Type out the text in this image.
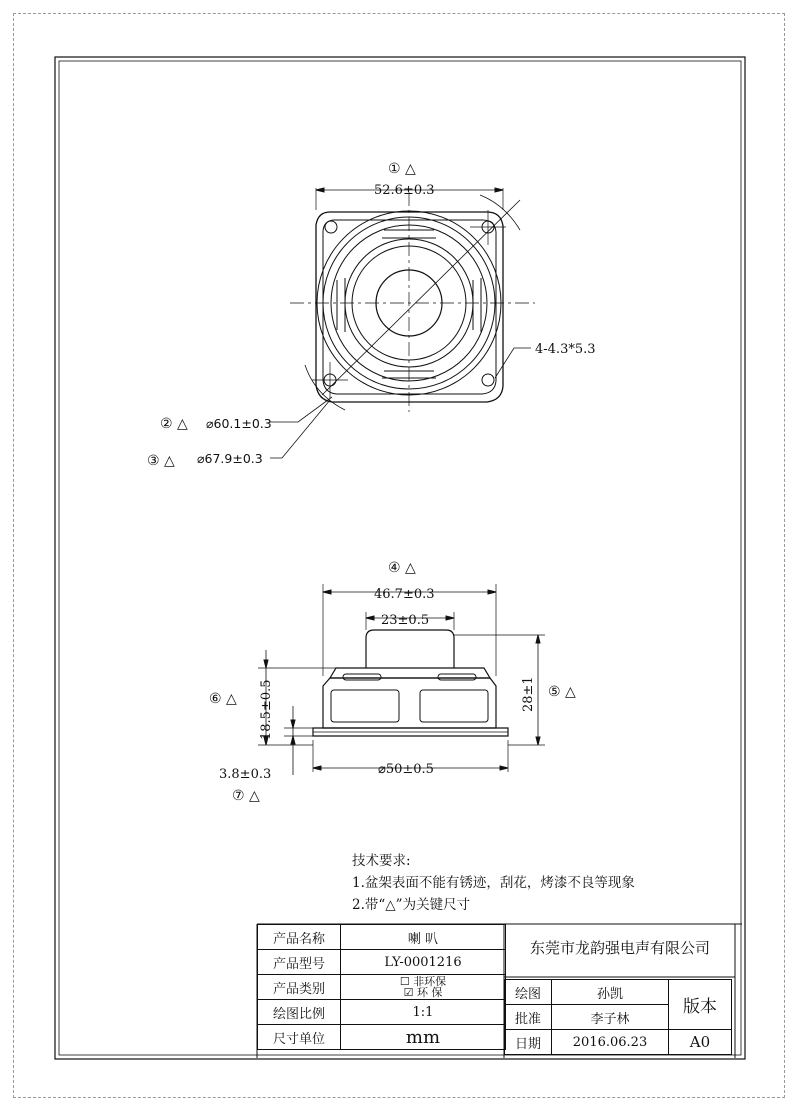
① △
52.6±0.3
4-4.3*5.3
② △ ⌀60.1±0.3
③ △ ⌀67.9±0.3
④ △
46.7±0.3
23±0.5
⑤ △
28±1
⑥ △ 18.5±0.5
⌀50±0.5
3.8±0.3
⑦ △
技术要求:
1.盆架表面不能有锈迹，刮花，烤漆不良等现象
2.带“△”为关键尺寸
产品名称	喇 叭
产品型号	LY-0001216
产品类别	☐ 非环保
☑ 环 保

绘图比例	1:1
尺寸单位	mm
东莞市龙韵强电声有限公司
绘图	孙凯	版本
批准	李子林	
日期	2016.06.23	A0
